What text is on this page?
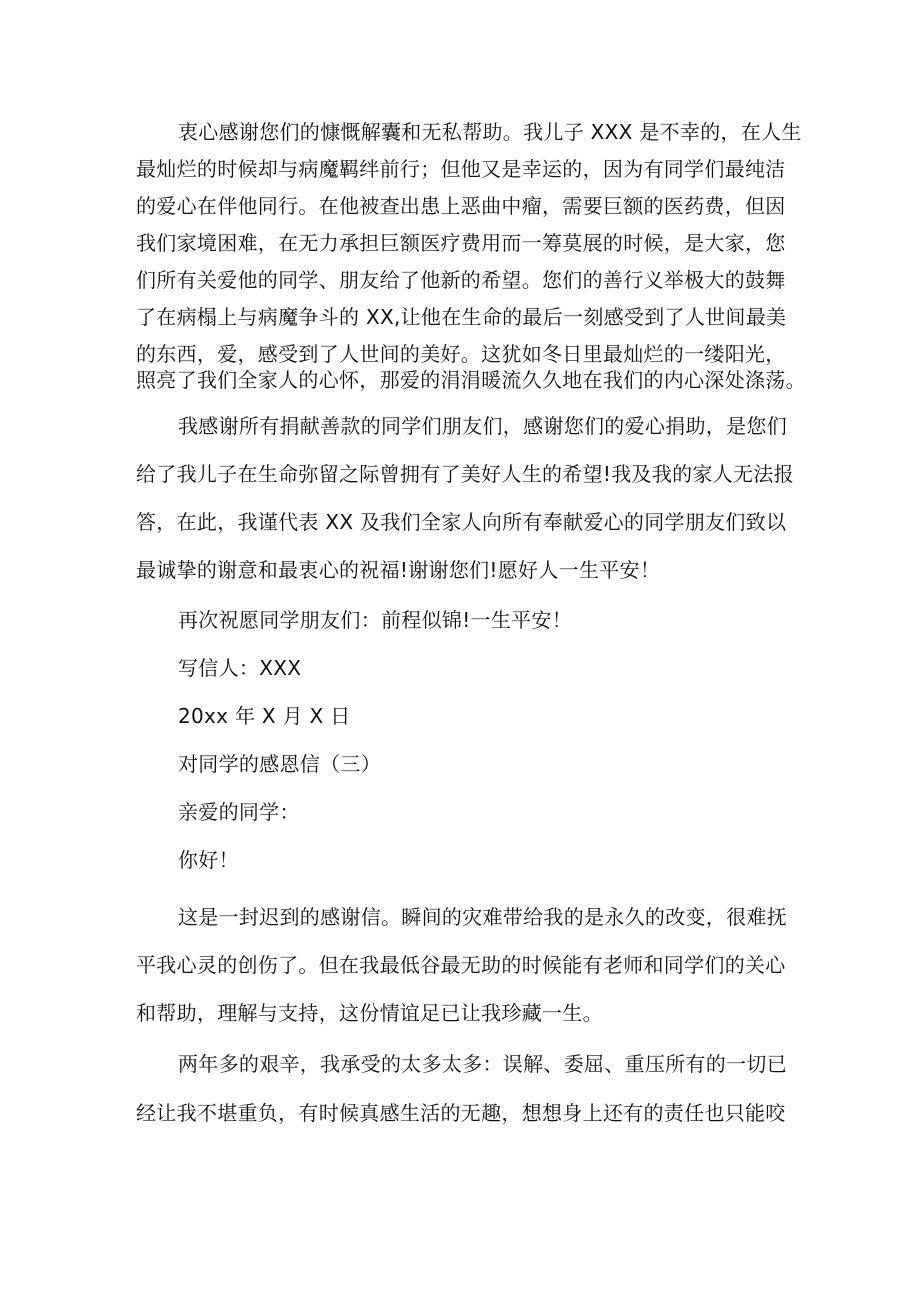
衷心感谢您们的慷慨解囊和无私帮助。我儿子 XXX 是不幸的，在人生
最灿烂的时候却与病魔羁绊前行；但他又是幸运的，因为有同学们最纯洁
的爱心在伴他同行。在他被查出患上恶曲中瘤，需要巨额的医药费，但因
我们家境困难，在无力承担巨额医疗费用而一筹莫展的时候，是大家，您
们所有关爱他的同学、朋友给了他新的希望。您们的善行义举极大的鼓舞
了在病榻上与病魔争斗的 XX,让他在生命的最后一刻感受到了人世间最美
的东西，爱，感受到了人世间的美好。这犹如冬日里最灿烂的一缕阳光，
照亮了我们全家人的心怀，那爱的涓涓暖流久久地在我们的内心深处涤荡。
我感谢所有捐献善款的同学们朋友们，感谢您们的爱心捐助，是您们
给了我儿子在生命弥留之际曾拥有了美好人生的希望!我及我的家人无法报
答，在此，我谨代表 XX 及我们全家人向所有奉献爱心的同学朋友们致以
最诚挚的谢意和最衷心的祝福!谢谢您们!愿好人一生平安！
再次祝愿同学朋友们：前程似锦!一生平安！
写信人：XXX
20xx 年 X 月 X 日
对同学的感恩信（三）
亲爱的同学：
你好！
这是一封迟到的感谢信。瞬间的灾难带给我的是永久的改变，很难抚
平我心灵的创伤了。但在我最低谷最无助的时候能有老师和同学们的关心
和帮助，理解与支持，这份情谊足已让我珍藏一生。
两年多的艰辛，我承受的太多太多：误解、委屈、重压所有的一切已
经让我不堪重负，有时候真感生活的无趣，想想身上还有的责任也只能咬
